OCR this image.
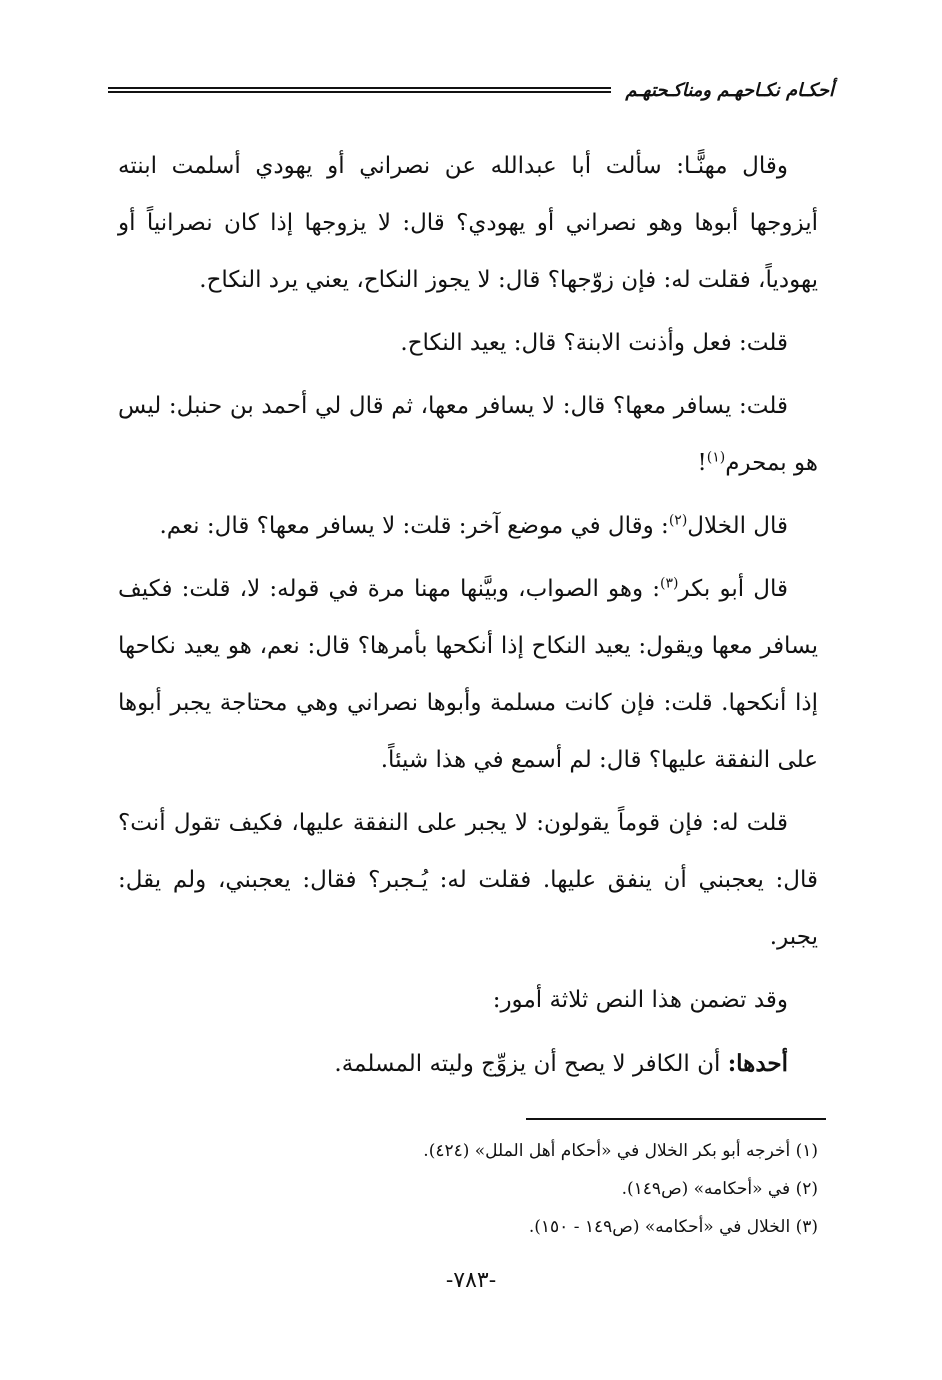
أحكـام نكـاحهـم ومناكـحتهـم

وقال مهنًّـا: سألت أبا عبدالله عن نصراني أو يهودي أسلمت ابنته أيزوجها أبوها وهو نصراني أو يهودي؟ قال: لا يزوجها إذا كان نصرانياً أو يهودياً، فقلت له: فإن زوّجها؟ قال: لا يجوز النكاح، يعني يرد النكاح.

قلت: فعل وأذنت الابنة؟ قال: يعيد النكاح.

قلت: يسافر معها؟ قال: لا يسافر معها، ثم قال لي أحمد بن حنبل: ليس هو بمحرم$^{(١)}$!

قال الخلال$^{(٢)}$: وقال في موضع آخر: قلت: لا يسافر معها؟ قال: نعم.

قال أبو بكر$^{(٣)}$: وهو الصواب، وبيَّنها مهنا مرة في قوله: لا، قلت: فكيف يسافر معها ويقول: يعيد النكاح إذا أنكحها بأمرها؟ قال: نعم، هو يعيد نكاحها إذا أنكحها. قلت: فإن كانت مسلمة وأبوها نصراني وهي محتاجة يجبر أبوها على النفقة عليها؟ قال: لم أسمع في هذا شيئاً.

قلت له: فإن قوماً يقولون: لا يجبر على النفقة عليها، فكيف تقول أنت؟ قال: يعجبني أن ينفق عليها. فقلت له: يُـجبر؟ فقال: يعجبني، ولم يقل: يجبر.

وقد تضمن هذا النص ثلاثة أمور:

أحدها: أن الكافر لا يصح أن يزوِّج وليته المسلمة.

(١) أخرجه أبو بكر الخلال في «أحكام أهل الملل» (٤٢٤).

(٢) في «أحكامه» (ص١٤٩).

(٣) الخلال في «أحكامه» (ص١٤٩ - ١٥٠).

-٧٨٣-
